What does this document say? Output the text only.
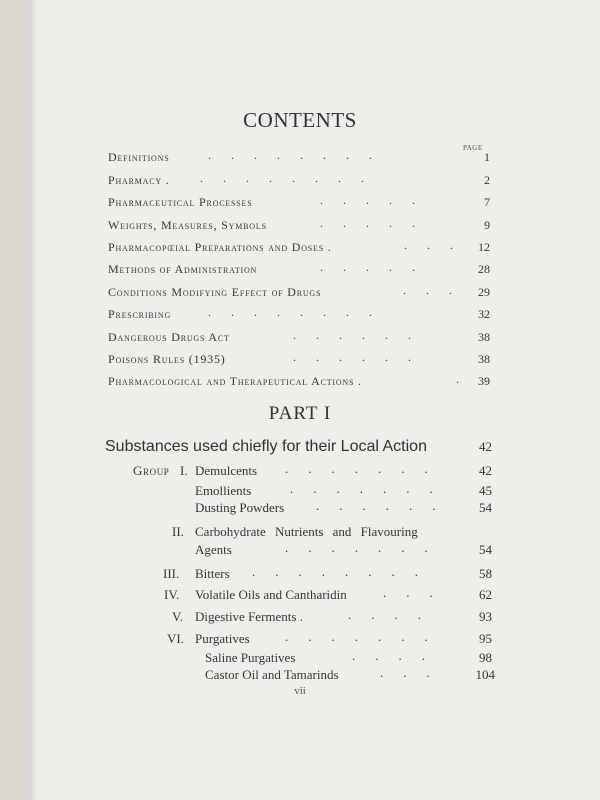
CONTENTS
PAGE
Definitions	........	1
Pharmacy .	........	2
Pharmaceutical Processes	.....	7
Weights, Measures, Symbols	.....	9
Pharmacopœial Preparations and Doses .	... 12
Methods of Administration	.....	28
Conditions Modifying Effect of Drugs	... 29
Prescribing	........	32
Dangerous Drugs Act	......	38
Poisons Rules (1935)	......	38
Pharmacological and Therapeutical Actions .	. 39
PART I
Substances used chiefly for their Local Action	42
Group I. Demulcents .......	42
Emollients	.......	45
Dusting Powders ......	54
II. Carbohydrate Nutrients and Flavouring
Agents	.......	54
III. Bitters ........	58
IV. Volatile Oils and Cantharidin	...	62
V. Digestive Ferments .	....	93
VI. Purgatives	.......	95
Saline Purgatives	....	98
Castor Oil and Tamarinds	...	104
vii
